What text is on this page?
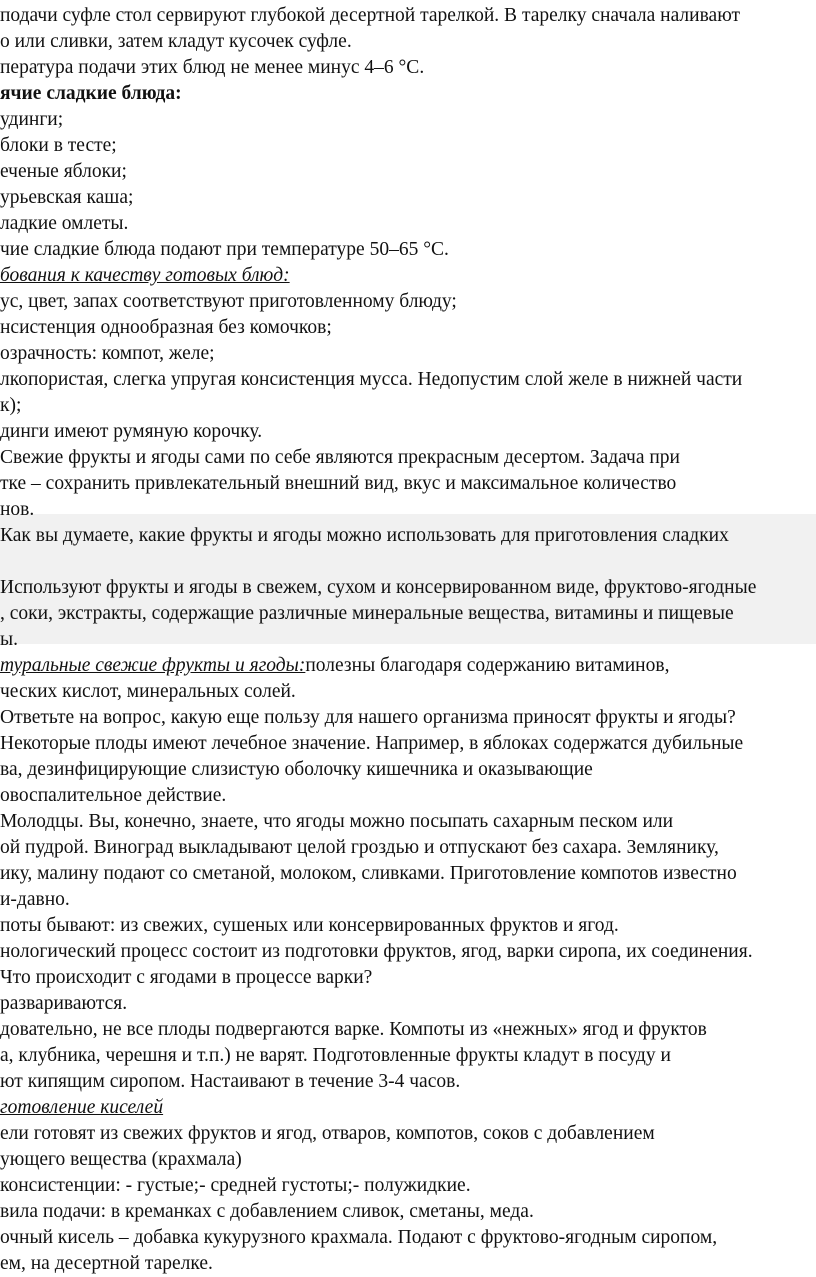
подачи суфле стол сервируют глубокой десертной тарелкой. В тарелку сначала наливают
о или сливки, затем кладут кусочек суфле.
пература подачи этих блюд не менее минус 4–6 °С.
ячие сладкие блюда:
удинги;
блоки в тесте;
еченые яблоки;
урьевская каша;
ладкие омлеты.
чие сладкие блюда подают при температуре 50–65 °С.
бования к качеству готовых блюд:
ус, цвет, запах соответствуют приготовленному блюду;
нсистенция однообразная без комочков;
озрачность: компот, желе;
лкопористая, слегка упругая консистенция мусса. Недопустим слой желе в нижней части
к);
динги имеют румяную корочку.
Свежие фрукты и ягоды сами по себе являются прекрасным десертом. Задача при
тке – сохранить привлекательный внешний вид, вкус и максимальное количество
нов.
Как вы думаете, какие фрукты и ягоды можно использовать для приготовления сладких
Используют фрукты и ягоды в свежем, сухом и консервированном виде, фруктово-ягодные
, соки, экстракты, содержащие различные минеральные вещества, витамины и пищевые
ы.
туральные свежие фрукты и ягоды:полезны благодаря содержанию витаминов,
ческих кислот, минеральных солей.
Ответьте на вопрос, какую еще пользу для нашего организма приносят фрукты и ягоды?
Некоторые плоды имеют лечебное значение. Например, в яблоках содержатся дубильные
ва, дезинфицирующие слизистую оболочку кишечника и оказывающие
овоспалительное действие.
Молодцы. Вы, конечно, знаете, что ягоды можно посыпать сахарным песком или
ой пудрой. Виноград выкладывают целой гроздью и отпускают без сахара. Землянику,
ику, малину подают со сметаной, молоком, сливками. Приготовление компотов известно
и-давно.
поты бывают: из свежих, сушеных или консервированных фруктов и ягод.
нологический процесс состоит из подготовки фруктов, ягод, варки сиропа, их соединения.
Что происходит с ягодами в процессе варки?
развариваются.
довательно, не все плоды подвергаются варке. Компоты из «нежных» ягод и фруктов
а, клубника, черешня и т.п.) не варят. Подготовленные фрукты кладут в посуду и
ют кипящим сиропом. Настаивают в течение 3-4 часов.
готовление киселей
ели готовят из свежих фруктов и ягод, отваров, компотов, соков с добавлением
ующего вещества (крахмала)
консистенции: - густые;- средней густоты;- полужидкие.
вила подачи: в креманках с добавлением сливок, сметаны, меда.
очный кисель – добавка кукурузного крахмала. Подают с фруктово-ягодным сиропом,
ем, на десертной тарелке.
